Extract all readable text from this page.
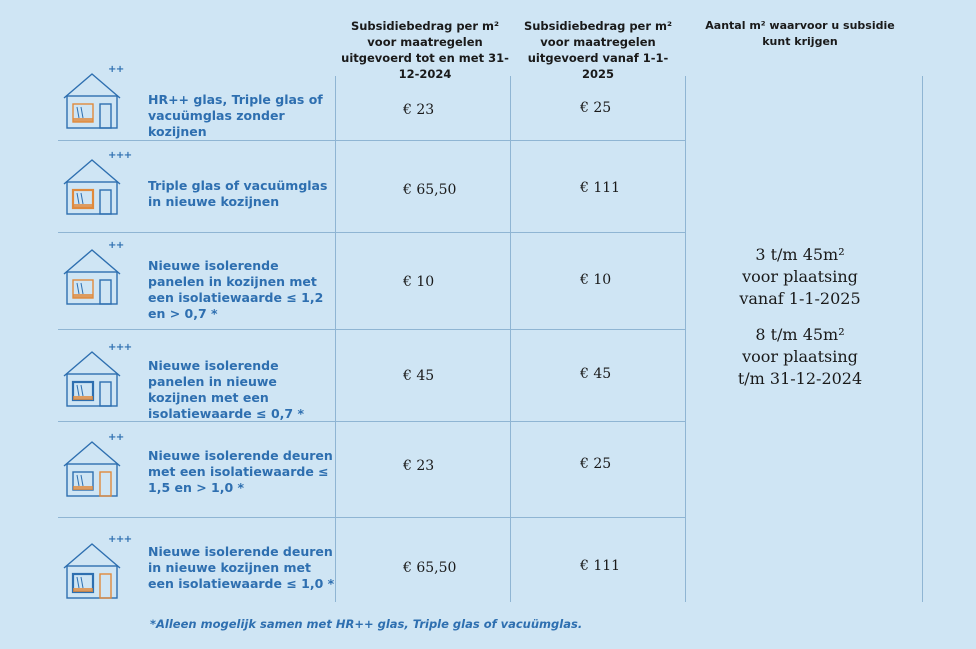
Subsidiebedrag per m² voor maatregelen uitgevoerd tot en met 31-12-2024
Subsidiebedrag per m² voor maatregelen uitgevoerd vanaf 1-1-2025
Aantal m² waarvoor u subsidie kunt krijgen
++
HR++ glas, Triple glas of vacuümglas zonder kozijnen
€ 23	€ 25
+++
Triple glas of vacuümglas in nieuwe kozijnen
€ 65,50	€ 111
++
Nieuwe isolerende panelen in kozijnen met een isolatiewaarde ≤ 1,2 en > 0,7 *
€ 10	€ 10
+++
Nieuwe isolerende panelen in nieuwe kozijnen met een isolatiewaarde ≤ 0,7 *
€ 45	€ 45
++
Nieuwe isolerende deuren met een isolatiewaarde ≤ 1,5 en > 1,0 *
€ 23	€ 25
+++
Nieuwe isolerende deuren in nieuwe kozijnen met een isolatiewaarde ≤ 1,0 *
€ 65,50	€ 111
3 t/m 45m²
voor plaatsing
vanaf 1-1-2025
8 t/m 45m²
voor plaatsing
t/m 31-12-2024
*Alleen mogelijk samen met HR++ glas, Triple glas of vacuümglas.
